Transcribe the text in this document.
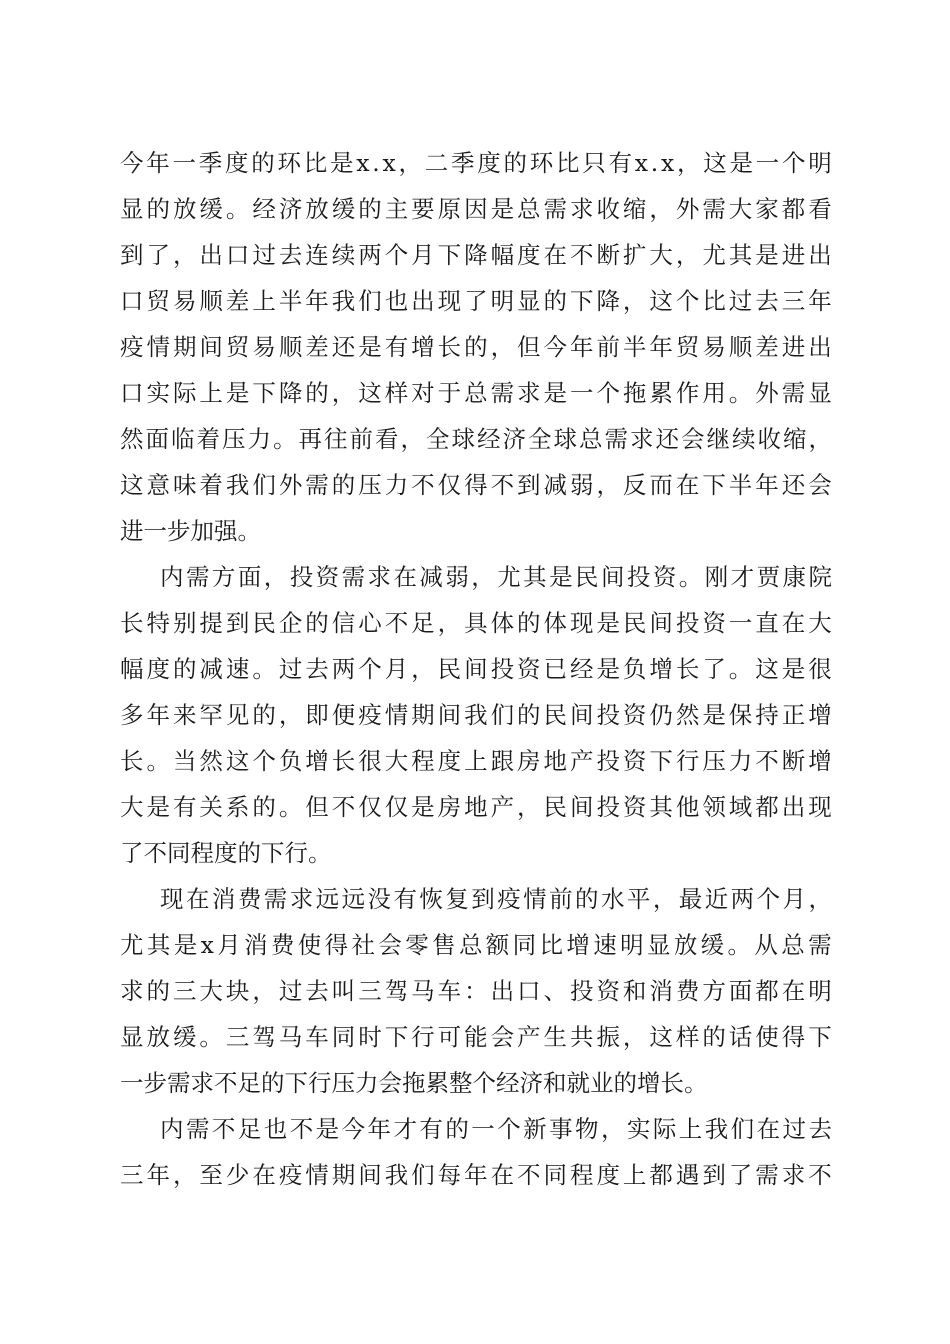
今 年 一 季 度 的 环 比 是 x . x ， 二 季 度 的 环 比 只 有 x . x ， 这 是 一 个 明
显 的 放 缓 。 经 济 放 缓 的 主 要 原 因 是 总 需 求 收 缩 ， 外 需 大 家 都 看
到 了 ， 出 口 过 去 连 续 两 个 月 下 降 幅 度 在 不 断 扩 大 ， 尤 其 是 进 出
口 贸 易 顺 差 上 半 年 我 们 也 出 现 了 明 显 的 下 降 ， 这 个 比 过 去 三 年
疫 情 期 间 贸 易 顺 差 还 是 有 增 长 的 ， 但 今 年 前 半 年 贸 易 顺 差 进 出
口 实 际 上 是 下 降 的 ， 这 样 对 于 总 需 求 是 一 个 拖 累 作 用 。 外 需 显
然 面 临 着 压 力 。 再 往 前 看 ， 全 球 经 济 全 球 总 需 求 还 会 继 续 收 缩 ，
这 意 味 着 我 们 外 需 的 压 力 不 仅 得 不 到 减 弱 ， 反 而 在 下 半 年 还 会
进一步加强。
内 需 方 面 ， 投 资 需 求 在 减 弱 ， 尤 其 是 民 间 投 资 。 刚 才 贾 康 院
长 特 别 提 到 民 企 的 信 心 不 足 ， 具 体 的 体 现 是 民 间 投 资 一 直 在 大
幅 度 的 减 速 。 过 去 两 个 月 ， 民 间 投 资 已 经 是 负 增 长 了 。 这 是 很
多 年 来 罕 见 的 ， 即 便 疫 情 期 间 我 们 的 民 间 投 资 仍 然 是 保 持 正 增
长 。 当 然 这 个 负 增 长 很 大 程 度 上 跟 房 地 产 投 资 下 行 压 力 不 断 增
大 是 有 关 系 的 。 但 不 仅 仅 是 房 地 产 ， 民 间 投 资 其 他 领 域 都 出 现
了不同程度的下行。
现 在 消 费 需 求 远 远 没 有 恢 复 到 疫 情 前 的 水 平 ， 最 近 两 个 月 ，
尤 其 是 x 月 消 费 使 得 社 会 零 售 总 额 同 比 增 速 明 显 放 缓 。 从 总 需
求 的 三 大 块 ， 过 去 叫 三 驾 马 车 ： 出 口 、 投 资 和 消 费 方 面 都 在 明
显 放 缓 。 三 驾 马 车 同 时 下 行 可 能 会 产 生 共 振 ， 这 样 的 话 使 得 下
一步需求不足的下行压力会拖累整个经济和就业的增长。
内 需 不 足 也 不 是 今 年 才 有 的 一 个 新 事 物 ， 实 际 上 我 们 在 过 去
三 年 ， 至 少 在 疫 情 期 间 我 们 每 年 在 不 同 程 度 上 都 遇 到 了 需 求 不
